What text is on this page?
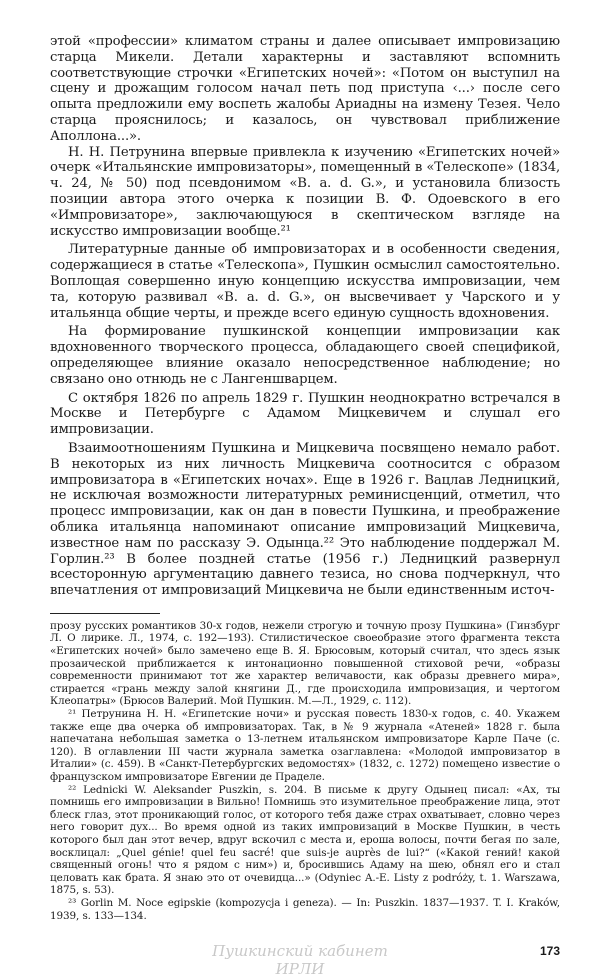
этой «профессии» климатом страны и далее описывает импровизацию старца Микели. Детали характерны и заставляют вспомнить соответствующие строчки «Египетских ночей»: «Потом он выступил на сцену и дрожащим голосом начал петь под приступа ‹...› после сего опыта предложили ему воспеть жалобы Ариадны на измену Тезея. Чело старца прояснилось; и казалось, он чувствовал приближение Аполлона...».

Н. Н. Петрунина впервые привлекла к изучению «Египетских ночей» очерк «Итальянские импровизаторы», помещенный в «Телескопе» (1834, ч. 24, № 50) под псевдонимом «В. a. d. G.», и установила близость позиции автора этого очерка к позиции В. Ф. Одоевского в его «Импровизаторе», заключающуюся в скептическом взгляде на искусство импровизации вообще.²¹

Литературные данные об импровизаторах и в особенности сведения, содержащиеся в статье «Телескопа», Пушкин осмыслил самостоятельно. Воплощая совершенно иную концепцию искусства импровизации, чем та, которую развивал «В. a. d. G.», он высвечивает у Чарского и у итальянца общие черты, и прежде всего единую сущность вдохновения.

На формирование пушкинской концепции импровизации как вдохновенного творческого процесса, обладающего своей спецификой, определяющее влияние оказало непосредственное наблюдение; но связано оно отнюдь не с Лангеншварцем.

С октября 1826 по апрель 1829 г. Пушкин неоднократно встречался в Москве и Петербурге с Адамом Мицкевичем и слушал его импровизации.

Взаимоотношениям Пушкина и Мицкевича посвящено немало работ. В некоторых из них личность Мицкевича соотносится с образом импровизатора в «Египетских ночах». Еще в 1926 г. Вацлав Ледницкий, не исключая возможности литературных реминисценций, отметил, что процесс импровизации, как он дан в повести Пушкина, и преображение облика итальянца напоминают описание импровизаций Мицкевича, известное нам по рассказу Э. Одынца.²² Это наблюдение поддержал М. Горлин.²³ В более поздней статье (1956 г.) Ледницкий развернул всесторонную аргументацию давнего тезиса, но снова подчеркнул, что впечатления от импровизаций Мицкевича не были единственным источ-

прозу русских романтиков 30-х годов, нежели строгую и точную прозу Пушкина» (Гинзбург Л. О лирике. Л., 1974, с. 192—193). Стилистическое своеобразие этого фрагмента текста «Египетских ночей» было замечено еще В. Я. Брюсовым, который считал, что здесь язык прозаической приближается к интонационно повышенной стиховой речи, «образы современности принимают тот же характер величавости, как образы древнего мира», стирается «грань между залой княгини Д., где происходила импровизация, и чертогом Клеопатры» (Брюсов Валерий. Мой Пушкин. М.—Л., 1929, с. 112).

²¹ Петрунина Н. Н. «Египетские ночи» и русская повесть 1830-х годов, с. 40. Укажем также еще два очерка об импровизаторах. Так, в № 9 журнала «Атеней» 1828 г. была напечатана небольшая заметка о 13-летнем итальянском импровизаторе Карле Паче (с. 120). В оглавлении III части журнала заметка озаглавлена: «Молодой импровизатор в Италии» (с. 459). В «Санкт-Петербургских ведомостях» (1832, с. 1272) помещено известие о французском импровизаторе Евгении де Праделе.

²² Lednicki W. Aleksander Puszkin, s. 204. В письме к другу Одынец писал: «Ах, ты помнишь его импровизации в Вильно! Помнишь это изумительное преображение лица, этот блеск глаз, этот проникающий голос, от которого тебя даже страх охватывает, словно через него говорит дух... Во время одной из таких импровизаций в Москве Пушкин, в честь которого был дан этот вечер, вдруг вскочил с места и, ероша волосы, почти бегая по зале, восклицал: „Quel génie! quel feu sacré! que suis-je auprès de lui?“ («Какой гений! какой священный огонь! что я рядом с ним») и, бросившись Адаму на шею, обнял его и стал целовать как брата. Я знаю это от очевидца...» (Odyniec A.-E. Listy z podróży, t. 1. Warszawa, 1875, s. 53).

²³ Gorlin M. Noce egipskie (kompozycja i geneza). — In: Puszkin. 1837—1937. T. I. Kraków, 1939, s. 133—134.

Пушкинский кабинет ИРЛИ
173
